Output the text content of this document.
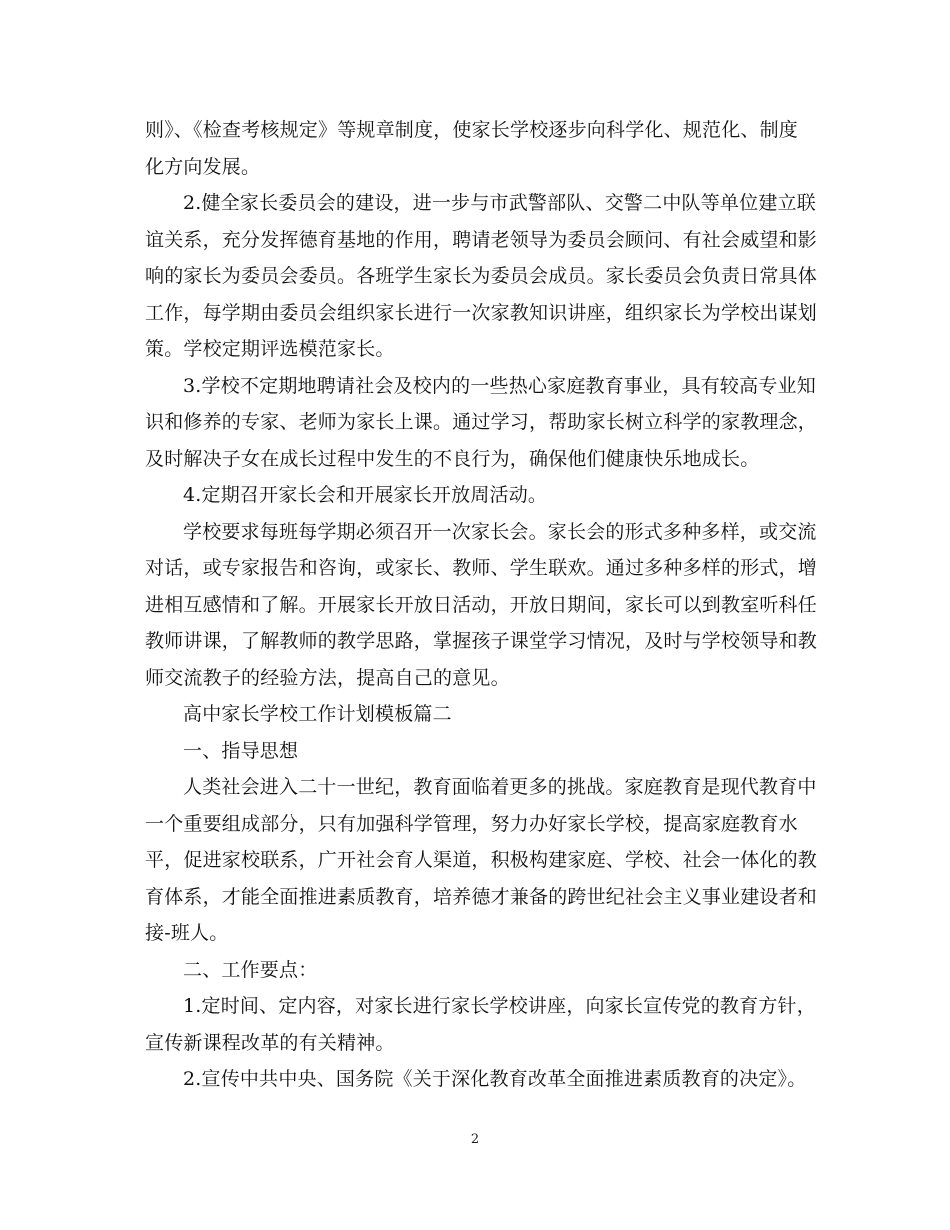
则》、《检查考核规定》等规章制度，使家长学校逐步向科学化、规范化、制度
化方向发展。
2.健全家长委员会的建设，进一步与市武警部队、交警二中队等单位建立联
谊关系，充分发挥德育基地的作用，聘请老领导为委员会顾问、有社会威望和影
响的家长为委员会委员。各班学生家长为委员会成员。家长委员会负责日常具体
工作，每学期由委员会组织家长进行一次家教知识讲座，组织家长为学校出谋划
策。学校定期评选模范家长。
3.学校不定期地聘请社会及校内的一些热心家庭教育事业，具有较高专业知
识和修养的专家、老师为家长上课。通过学习，帮助家长树立科学的家教理念，
及时解决子女在成长过程中发生的不良行为，确保他们健康快乐地成长。
4.定期召开家长会和开展家长开放周活动。
学校要求每班每学期必须召开一次家长会。家长会的形式多种多样，或交流
对话，或专家报告和咨询，或家长、教师、学生联欢。通过多种多样的形式，增
进相互感情和了解。开展家长开放日活动，开放日期间，家长可以到教室听科任
教师讲课，了解教师的教学思路，掌握孩子课堂学习情况，及时与学校领导和教
师交流教子的经验方法，提高自己的意见。
高中家长学校工作计划模板篇二
一、指导思想
人类社会进入二十一世纪，教育面临着更多的挑战。家庭教育是现代教育中
一个重要组成部分，只有加强科学管理，努力办好家长学校，提高家庭教育水
平，促进家校联系，广开社会育人渠道，积极构建家庭、学校、社会一体化的教
育体系，才能全面推进素质教育，培养德才兼备的跨世纪社会主义事业建设者和
接-班人。
二、工作要点：
1.定时间、定内容，对家长进行家长学校讲座，向家长宣传党的教育方针，
宣传新课程改革的有关精神。
2.宣传中共中央、国务院《关于深化教育改革全面推进素质教育的决定》。
2
